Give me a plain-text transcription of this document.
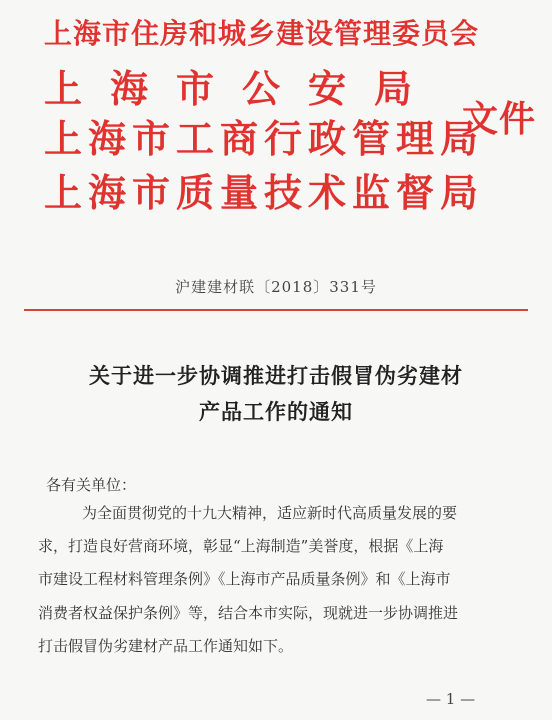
上海市住房和城乡建设管理委员会
上海市公安局
上海市工商行政管理局
上海市质量技术监督局
文件
沪建建材联〔2018〕331号
关于进一步协调推进打击假冒伪劣建材
产品工作的通知
各有关单位：
为全面贯彻党的十九大精神，适应新时代高质量发展的要
求，打造良好营商环境，彰显“上海制造”美誉度，根据《上海
市建设工程材料管理条例》《上海市产品质量条例》和《上海市
消费者权益保护条例》等，结合本市实际，现就进一步协调推进
打击假冒伪劣建材产品工作通知如下。
— 1 —
